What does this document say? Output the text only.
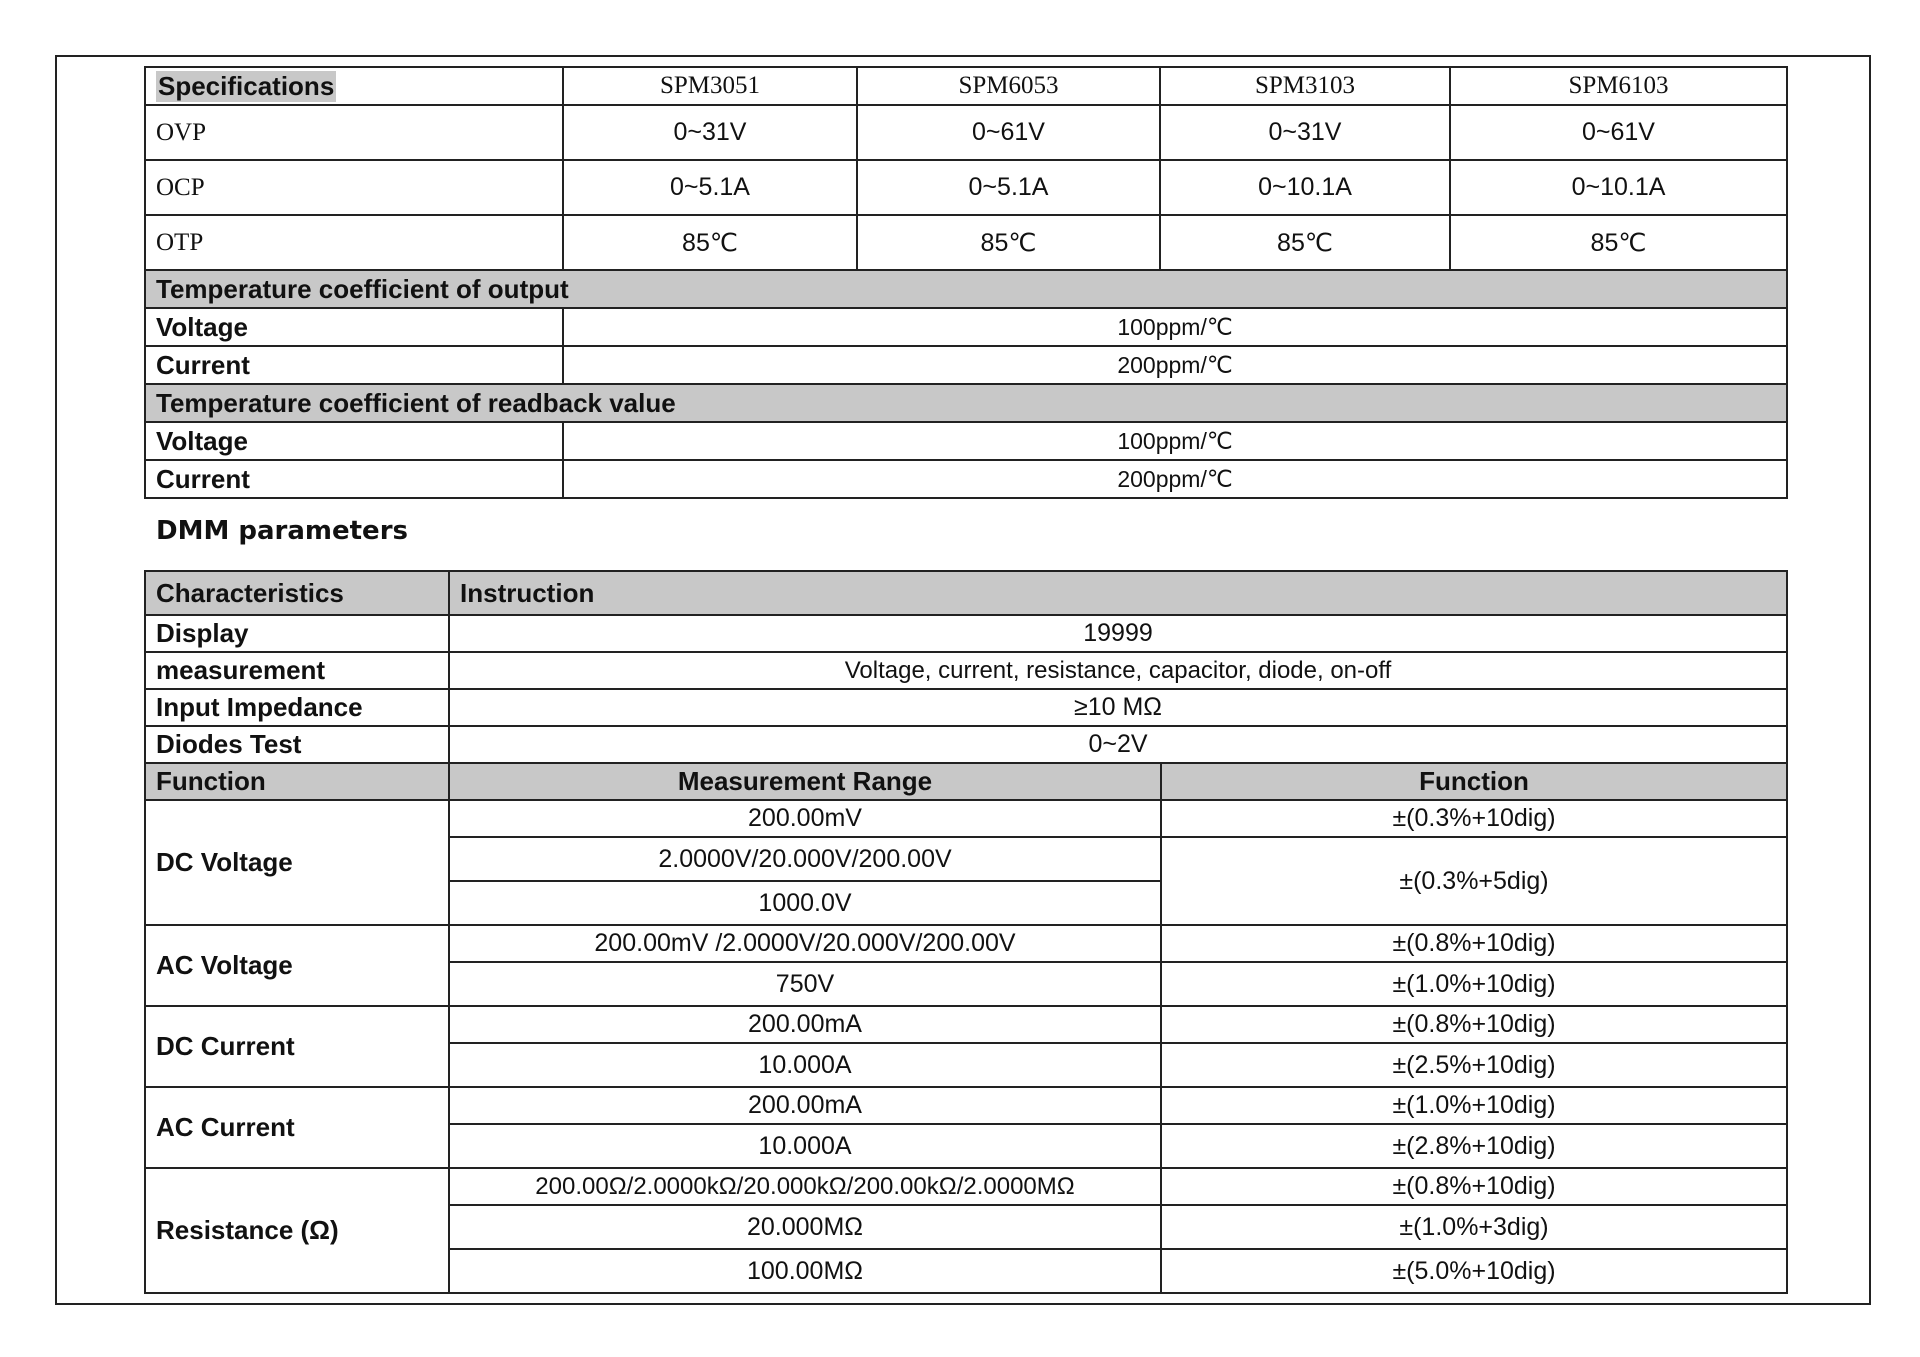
Specifications	SPM3051	SPM6053	SPM3103	SPM6103
OVP	0~31V	0~61V	0~31V	0~61V
OCP	0~5.1A	0~5.1A	0~10.1A	0~10.1A
OTP	85℃	85℃	85℃	85℃
Temperature coefficient of output				
Voltage	100ppm/℃			
Current	200ppm/℃			
Temperature coefficient of readback value				
Voltage	100ppm/℃			
Current	200ppm/℃			
DMM parameters
Characteristics	Instruction	
Display	19999	
measurement	Voltage, current, resistance, capacitor, diode, on-off	
Input Impedance	≥10 MΩ	
Diodes Test	0~2V	
Function	Measurement Range	Function
DC Voltage	200.00mV	±(0.3%+10dig)
	2.0000V/20.000V/200.00V	±(0.3%+5dig)
	1000.0V	
AC Voltage	200.00mV /2.0000V/20.000V/200.00V	±(0.8%+10dig)
	750V	±(1.0%+10dig)
DC Current	200.00mA	±(0.8%+10dig)
	10.000A	±(2.5%+10dig)
AC Current	200.00mA	±(1.0%+10dig)
	10.000A	±(2.8%+10dig)
Resistance (Ω)	200.00Ω/2.0000kΩ/20.000kΩ/200.00kΩ/2.0000MΩ	±(0.8%+10dig)
	20.000MΩ	±(1.0%+3dig)
	100.00MΩ	±(5.0%+10dig)
